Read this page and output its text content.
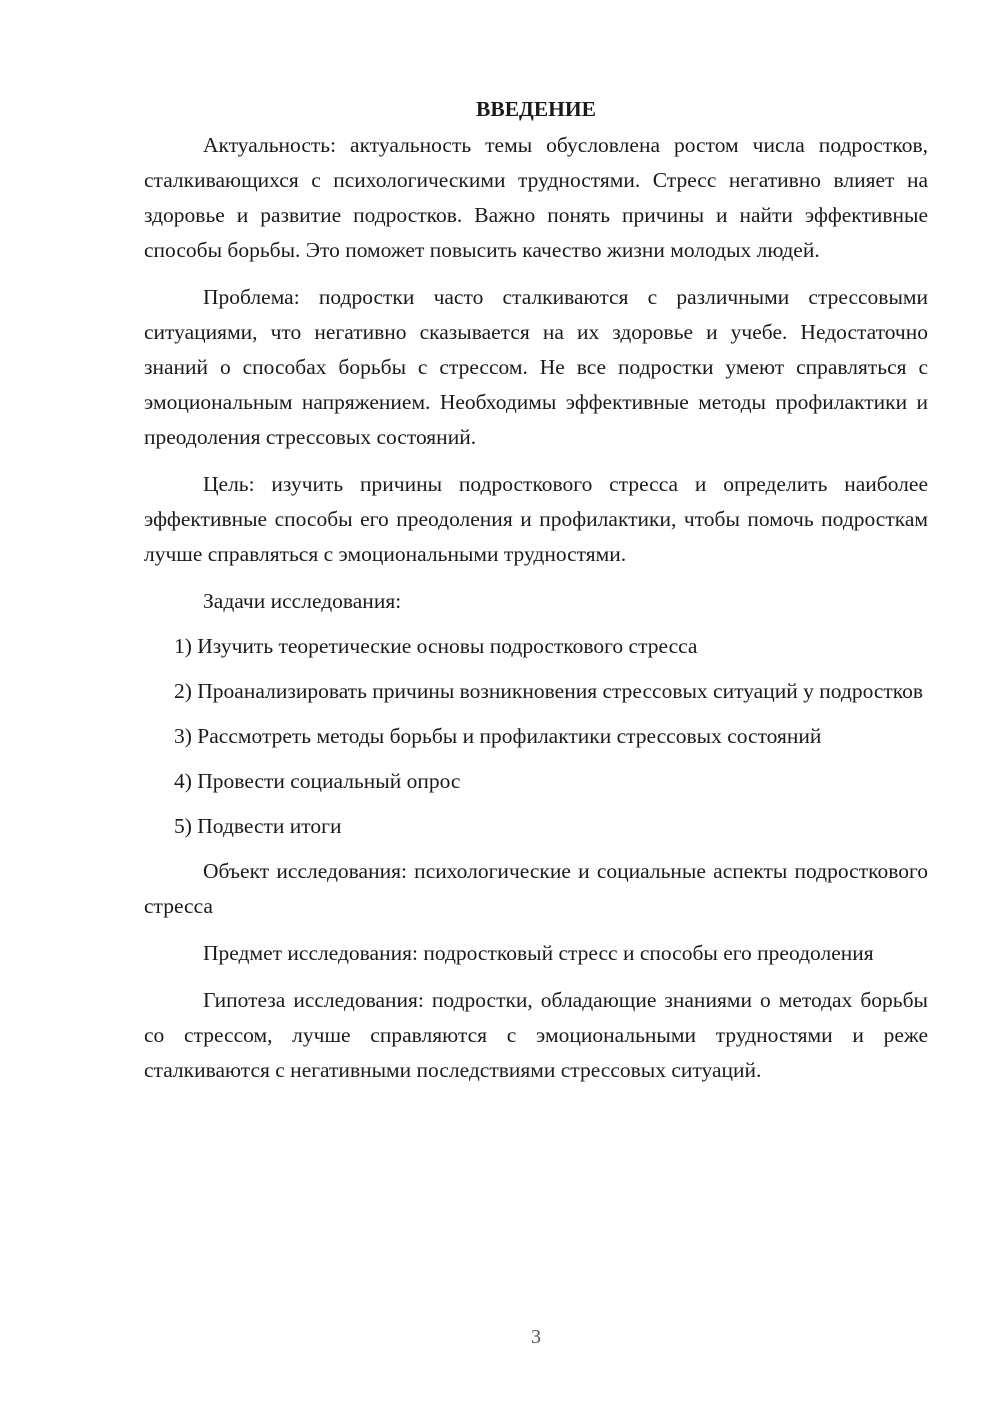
ВВЕДЕНИЕ

Актуальность: актуальность темы обусловлена ростом числа подростков, сталкивающихся с психологическими трудностями. Стресс негативно влияет на здоровье и развитие подростков. Важно понять причины и найти эффективные способы борьбы. Это поможет повысить качество жизни молодых людей.

Проблема: подростки часто сталкиваются с различными стрессовыми ситуациями, что негативно сказывается на их здоровье и учебе. Недостаточно знаний о способах борьбы с стрессом. Не все подростки умеют справляться с эмоциональным напряжением. Необходимы эффективные методы профилактики и преодоления стрессовых состояний.

Цель: изучить причины подросткового стресса и определить наиболее эффективные способы его преодоления и профилактики, чтобы помочь подросткам лучше справляться с эмоциональными трудностями.

Задачи исследования:

1) Изучить теоретические основы подросткового стресса

2) Проанализировать причины возникновения стрессовых ситуаций у подростков

3) Рассмотреть методы борьбы и профилактики стрессовых состояний

4) Провести социальный опрос

5) Подвести итоги

Объект исследования: психологические и социальные аспекты подросткового стресса

Предмет исследования: подростковый стресс и способы его преодоления

Гипотеза исследования: подростки, обладающие знаниями о методах борьбы со стрессом, лучше справляются с эмоциональными трудностями и реже сталкиваются с негативными последствиями стрессовых ситуаций.

3
